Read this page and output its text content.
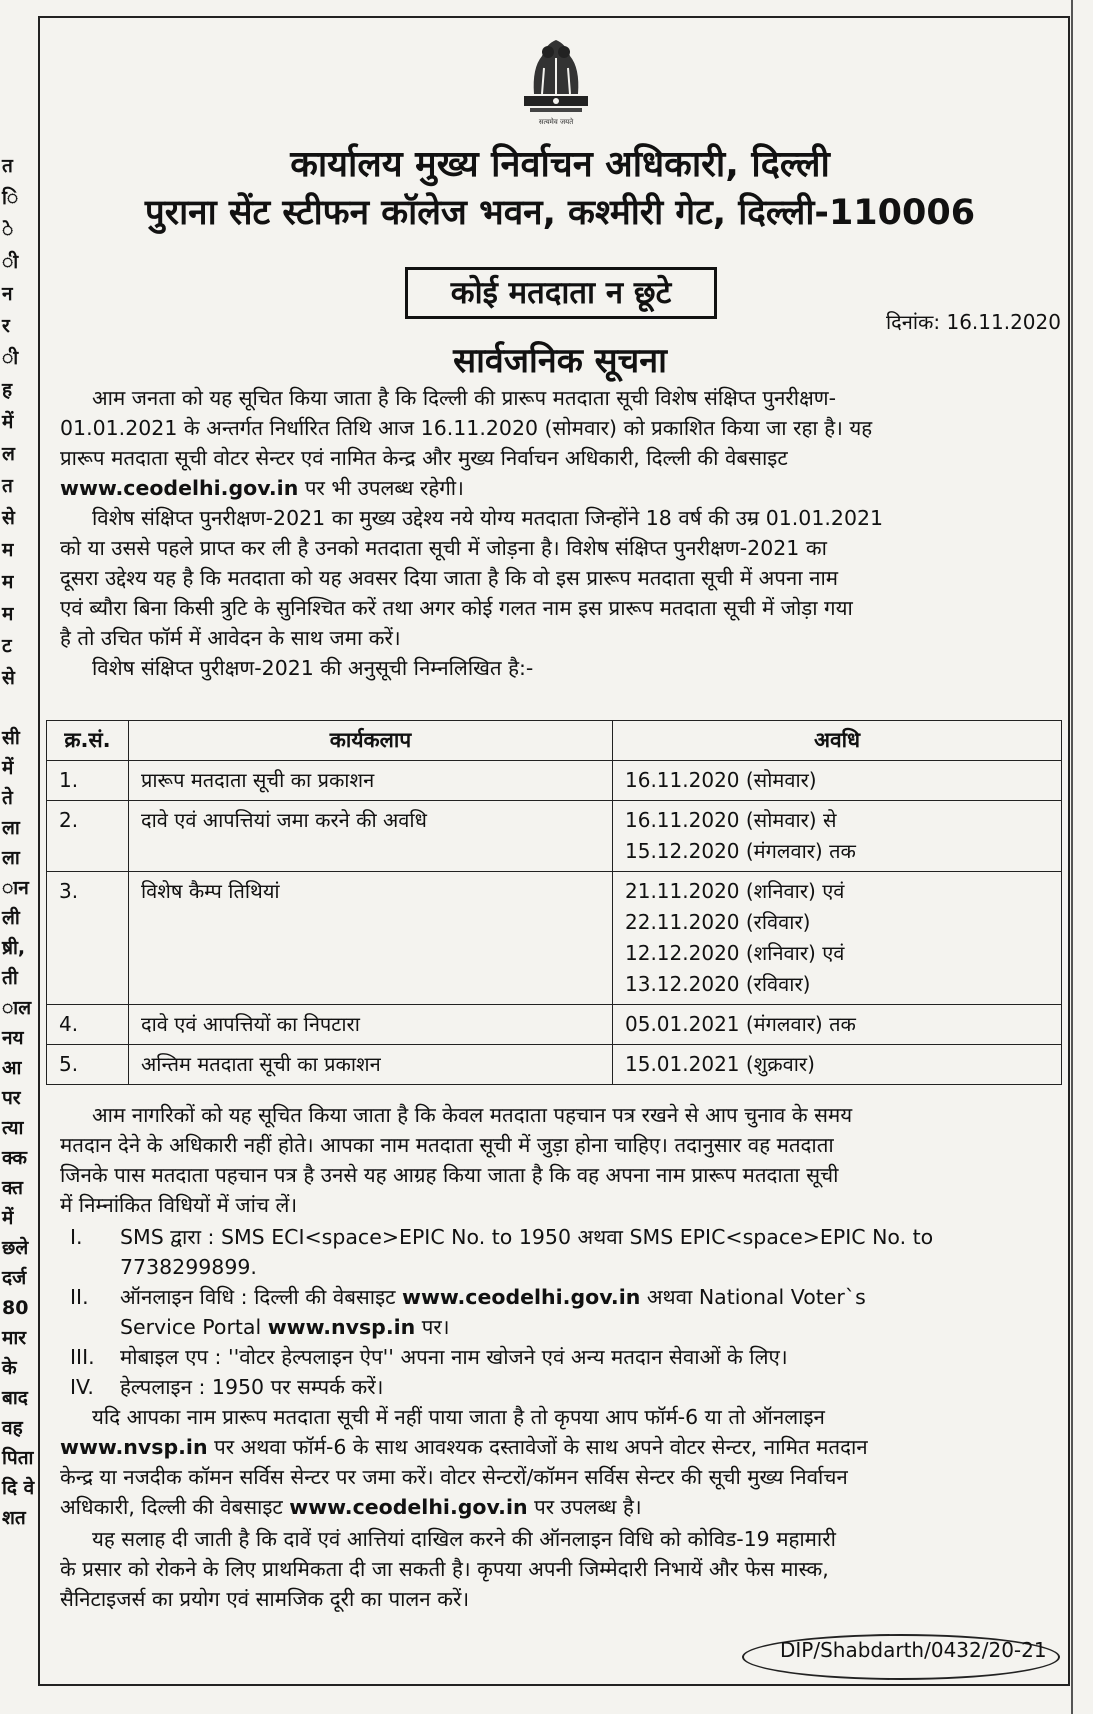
त
ि
े
ी
न
र
ी
ह
में
ल
त
से
म
म
म
ट
से
सी
में
ते
ला
ला
ान
ली
ष्री,
ती
ाल
नय
आ
पर
त्या
क्क
क्त
में
छले
दर्ज
80
मार
के
बाद
वह
पिता
दि वे
शत
सत्यमेव जयते
कार्यालय मुख्य निर्वाचन अधिकारी, दिल्ली
पुराना सेंट स्टीफन कॉलेज भवन, कश्मीरी गेट, दिल्ली-110006
कोई मतदाता न छूटे
दिनांक: 16.11.2020
सार्वजनिक सूचना
आम जनता को यह सूचित किया जाता है कि दिल्ली की प्रारूप मतदाता सूची विशेष संक्षिप्त पुनरीक्षण-
01.01.2021 के अन्तर्गत निर्धारित तिथि आज 16.11.2020 (सोमवार) को प्रकाशित किया जा रहा है। यह
प्रारूप मतदाता सूची वोटर सेन्टर एवं नामित केन्द्र और मुख्य निर्वाचन अधिकारी, दिल्ली की वेबसाइट
www.ceodelhi.gov.in पर भी उपलब्ध रहेगी।
विशेष संक्षिप्त पुनरीक्षण-2021 का मुख्य उद्देश्य नये योग्य मतदाता जिन्होंने 18 वर्ष की उम्र 01.01.2021
को या उससे पहले प्राप्त कर ली है उनको मतदाता सूची में जोड़ना है। विशेष संक्षिप्त पुनरीक्षण-2021 का
दूसरा उद्देश्य यह है कि मतदाता को यह अवसर दिया जाता है कि वो इस प्रारूप मतदाता सूची में अपना नाम
एवं ब्यौरा बिना किसी त्रुटि के सुनिश्चित करें तथा अगर कोई गलत नाम इस प्रारूप मतदाता सूची में जोड़ा गया
है तो उचित फॉर्म में आवेदन के साथ जमा करें।
विशेष संक्षिप्त पुरीक्षण-2021 की अनुसूची निम्नलिखित है:-
क्र.सं.	कार्यकलाप	अवधि
1.	प्रारूप मतदाता सूची का प्रकाशन	16.11.2020 (सोमवार)

2.	दावे एवं आपत्तियां जमा करने की अवधि	16.11.2020 (सोमवार) से
15.12.2020 (मंगलवार) तक

3.	विशेष कैम्प तिथियां	21.11.2020 (शनिवार) एवं
22.11.2020 (रविवार)
12.12.2020 (शनिवार) एवं
13.12.2020 (रविवार)

4.	दावे एवं आपत्तियों का निपटारा	05.01.2021 (मंगलवार) तक

5.	अन्तिम मतदाता सूची का प्रकाशन	15.01.2021 (शुक्रवार)
आम नागरिकों को यह सूचित किया जाता है कि केवल मतदाता पहचान पत्र रखने से आप चुनाव के समय
मतदान देने के अधिकारी नहीं होते। आपका नाम मतदाता सूची में जुड़ा होना चाहिए। तदानुसार वह मतदाता
जिनके पास मतदाता पहचान पत्र है उनसे यह आग्रह किया जाता है कि वह अपना नाम प्रारूप मतदाता सूची
में निम्नांकित विधियों में जांच लें।
I. SMS द्वारा : SMS ECI<space>EPIC No. to 1950 अथवा SMS EPIC<space>EPIC No. to
7738299899.
II. ऑनलाइन विधि : दिल्ली की वेबसाइट www.ceodelhi.gov.in अथवा National Voter`s
Service Portal www.nvsp.in पर।
III. मोबाइल एप : ''वोटर हेल्पलाइन ऐप'' अपना नाम खोजने एवं अन्य मतदान सेवाओं के लिए।
IV. हेल्पलाइन : 1950 पर सम्पर्क करें।
यदि आपका नाम प्रारूप मतदाता सूची में नहीं पाया जाता है तो कृपया आप फॉर्म-6 या तो ऑनलाइन
www.nvsp.in पर अथवा फॉर्म-6 के साथ आवश्यक दस्तावेजों के साथ अपने वोटर सेन्टर, नामित मतदान
केन्द्र या नजदीक कॉमन सर्विस सेन्टर पर जमा करें। वोटर सेन्टरों/कॉमन सर्विस सेन्टर की सूची मुख्य निर्वाचन
अधिकारी, दिल्ली की वेबसाइट www.ceodelhi.gov.in पर उपलब्ध है।
यह सलाह दी जाती है कि दावें एवं आत्तियां दाखिल करने की ऑनलाइन विधि को कोविड-19 महामारी
के प्रसार को रोकने के लिए प्राथमिकता दी जा सकती है। कृपया अपनी जिम्मेदारी निभायें और फेस मास्क,
सैनिटाइजर्स का प्रयोग एवं सामजिक दूरी का पालन करें।
DIP/Shabdarth/0432/20-21
